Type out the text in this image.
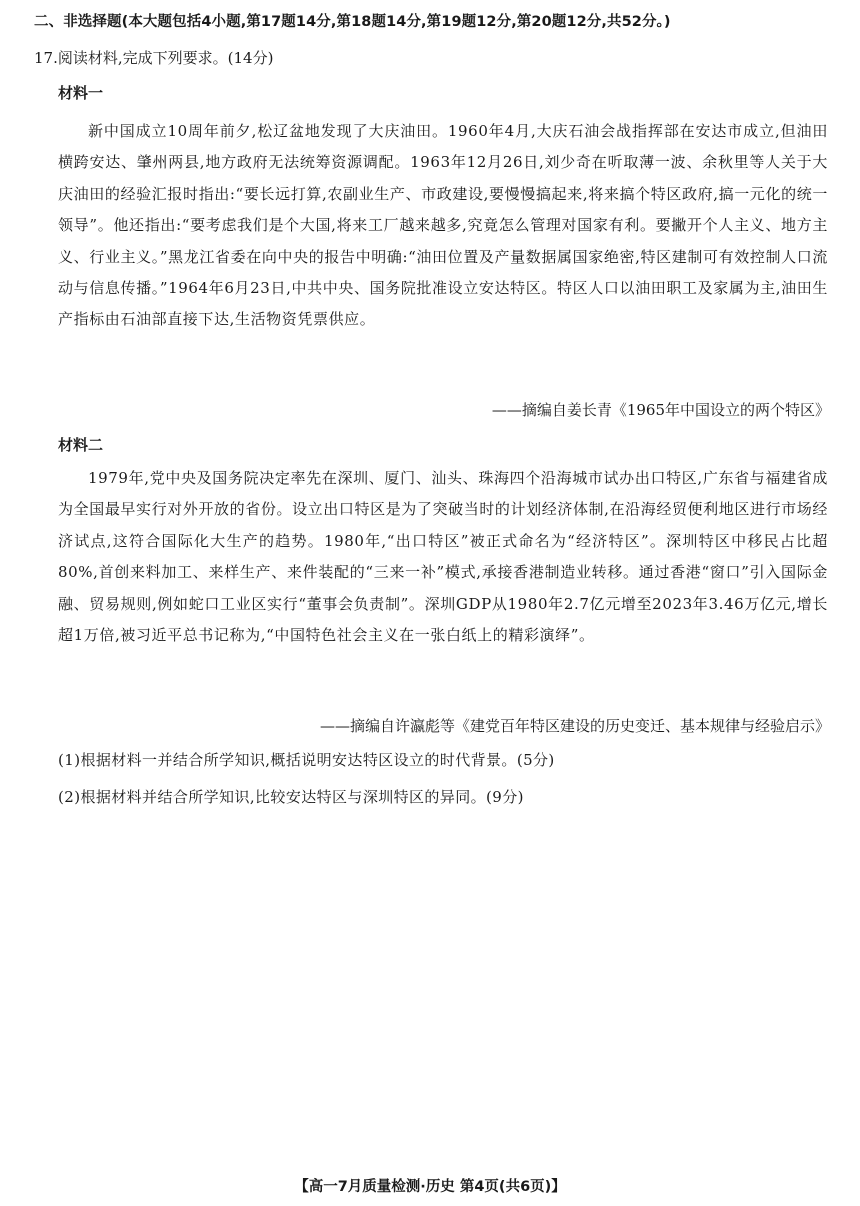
二、非选择题(本大题包括4小题,第17题14分,第18题14分,第19题12分,第20题12分,共52分。)
17.阅读材料,完成下列要求。(14分)
材料一
新中国成立10周年前夕,松辽盆地发现了大庆油田。1960年4月,大庆石油会战指挥部在安达市成立,但油田横跨安达、肇州两县,地方政府无法统筹资源调配。1963年12月26日,刘少奇在听取薄一波、余秋里等人关于大庆油田的经验汇报时指出:“要长远打算,农副业生产、市政建设,要慢慢搞起来,将来搞个特区政府,搞一元化的统一领导”。他还指出:“要考虑我们是个大国,将来工厂越来越多,究竟怎么管理对国家有利。要撇开个人主义、地方主义、行业主义。”黑龙江省委在向中央的报告中明确:“油田位置及产量数据属国家绝密,特区建制可有效控制人口流动与信息传播。”1964年6月23日,中共中央、国务院批准设立安达特区。特区人口以油田职工及家属为主,油田生产指标由石油部直接下达,生活物资凭票供应。
——摘编自姜长青《1965年中国设立的两个特区》
材料二
1979年,党中央及国务院决定率先在深圳、厦门、汕头、珠海四个沿海城市试办出口特区,广东省与福建省成为全国最早实行对外开放的省份。设立出口特区是为了突破当时的计划经济体制,在沿海经贸便利地区进行市场经济试点,这符合国际化大生产的趋势。1980年,“出口特区”被正式命名为“经济特区”。深圳特区中移民占比超80%,首创来料加工、来样生产、来件装配的“三来一补”模式,承接香港制造业转移。通过香港“窗口”引入国际金融、贸易规则,例如蛇口工业区实行“董事会负责制”。深圳GDP从1980年2.7亿元增至2023年3.46万亿元,增长超1万倍,被习近平总书记称为,“中国特色社会主义在一张白纸上的精彩演绎”。
——摘编自许瀛彪等《建党百年特区建设的历史变迁、基本规律与经验启示》
(1)根据材料一并结合所学知识,概括说明安达特区设立的时代背景。(5分)
(2)根据材料并结合所学知识,比较安达特区与深圳特区的异同。(9分)
【高一7月质量检测·历史 第4页(共6页)】
